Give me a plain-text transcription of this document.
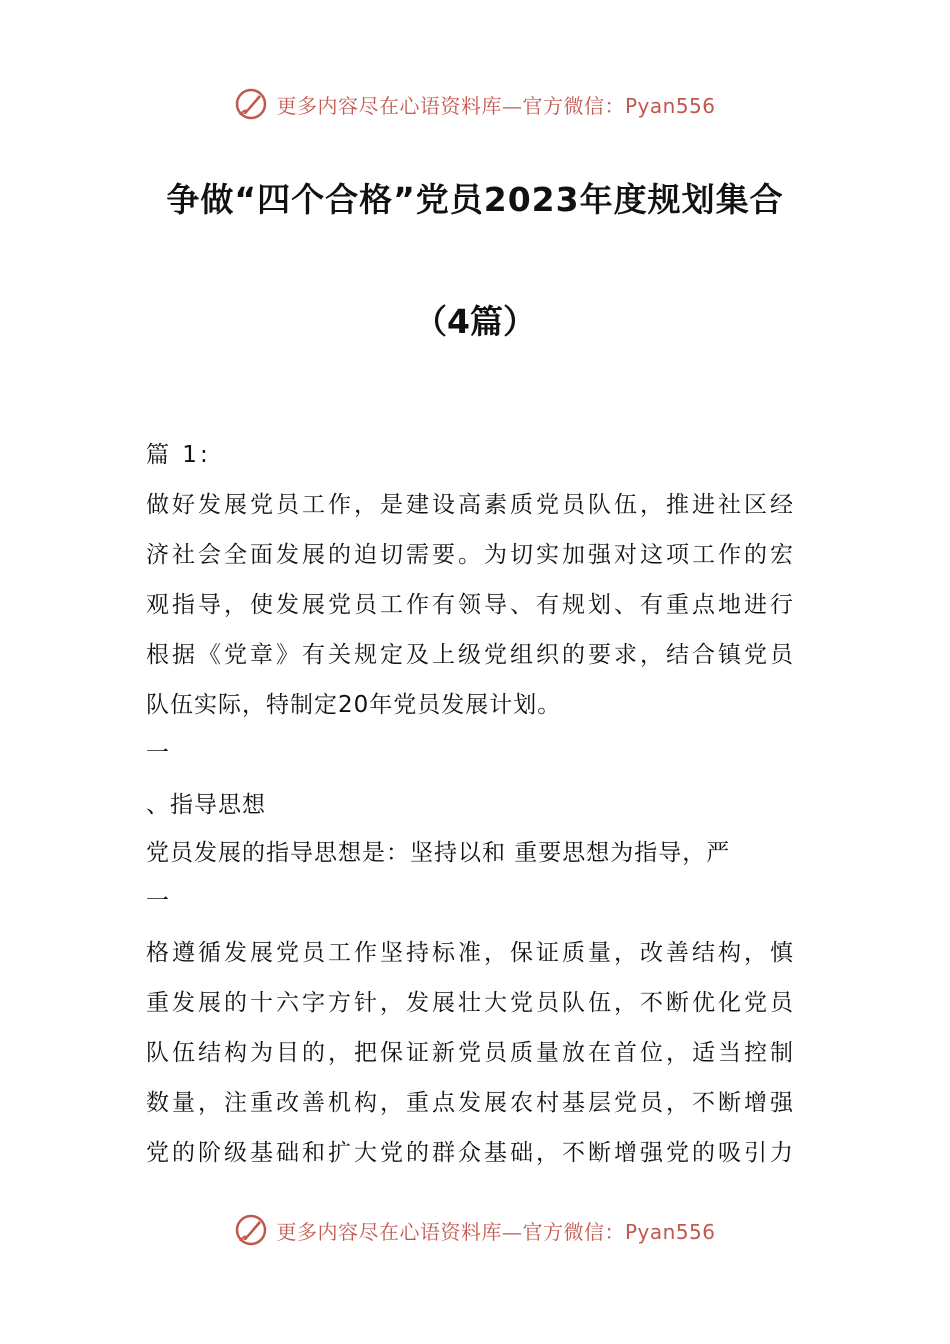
更多内容尽在心语资料库—官方微信：Pyan556
争做“四个合格”党员2023年度规划集合
（4篇）
篇 1:
做好发展党员工作，是建设高素质党员队伍，推进社区经
济社会全面发展的迫切需要。为切实加强对这项工作的宏
观指导，使发展党员工作有领导、有规划、有重点地进行
根据《党章》有关规定及上级党组织的要求，结合镇党员
队伍实际，特制定20年党员发展计划。
一
、指导思想
党员发展的指导思想是：坚持以和 重要思想为指导，严
一
格遵循发展党员工作坚持标准，保证质量，改善结构，慎
重发展的十六字方针，发展壮大党员队伍，不断优化党员
队伍结构为目的，把保证新党员质量放在首位，适当控制
数量，注重改善机构，重点发展农村基层党员，不断增强
党的阶级基础和扩大党的群众基础，不断增强党的吸引力
更多内容尽在心语资料库—官方微信：Pyan556
